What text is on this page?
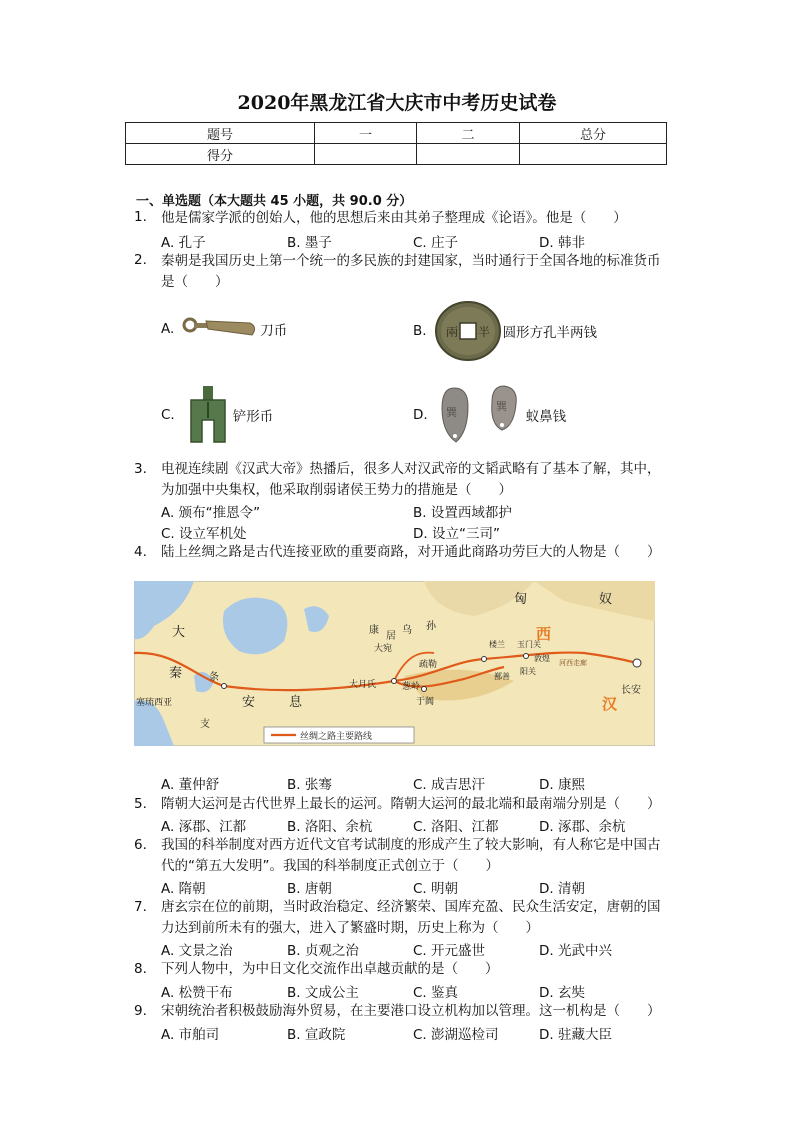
2020年黑龙江省大庆市中考历史试卷
题号	一	二	总分
得分			
一、单选题（本大题共 45 小题，共 90.0 分）
1.	他是儒家学派的创始人，他的思想后来由其弟子整理成《论语》。他是（　　）
A. 孔子	B. 墨子	C. 庄子	D. 韩非
2.	秦朝是我国历史上第一个统一的多民族的封建国家，当时通行于全国各地的标准货币是（　　）
A.	刀币	B. 兩 半 圆形方孔半两钱
C.	铲形币	D. 巽	巽
蚁鼻钱
3.	电视连续剧《汉武大帝》热播后，很多人对汉武帝的文韬武略有了基本了解，其中，为加强中央集权，他采取削弱诸侯王势力的措施是（　　）
A. 颁布“推恩令”	B. 设置西域都护
C. 设立军机处	D. 设立“三司”
4.	陆上丝绸之路是古代连接亚欧的重要商路，对开通此商路功劳巨大的人物是（　　）
匈	奴
大
秦	条
支
塞琉西亚	安	息
康
居
乌 孙
大宛
疏勒
大月氏	葱岭
于阗
楼兰 玉门关
敦煌
阳关
鄯善
河西走廊
西
汉
长安
丝绸之路主要路线
A. 董仲舒	B. 张骞	C. 成吉思汗	D. 康熙
5.	隋朝大运河是古代世界上最长的运河。隋朝大运河的最北端和最南端分别是（　　）
A. 涿郡、江都	B. 洛阳、余杭	C. 洛阳、江都	D. 涿郡、余杭
6.	我国的科举制度对西方近代文官考试制度的形成产生了较大影响，有人称它是中国古代的“第五大发明”。我国的科举制度正式创立于（　　）
A. 隋朝	B. 唐朝	C. 明朝	D. 清朝
7.	唐玄宗在位的前期，当时政治稳定、经济繁荣、国库充盈、民众生活安定，唐朝的国力达到前所未有的强大，进入了繁盛时期，历史上称为（　　）
A. 文景之治	B. 贞观之治	C. 开元盛世	D. 光武中兴
8.	下列人物中，为中日文化交流作出卓越贡献的是（　　）
A. 松赞干布	B. 文成公主	C. 鉴真	D. 玄奘
9.	宋朝统治者积极鼓励海外贸易，在主要港口设立机构加以管理。这一机构是（　　）
A. 市舶司	B. 宣政院	C. 澎湖巡检司	D. 驻藏大臣
